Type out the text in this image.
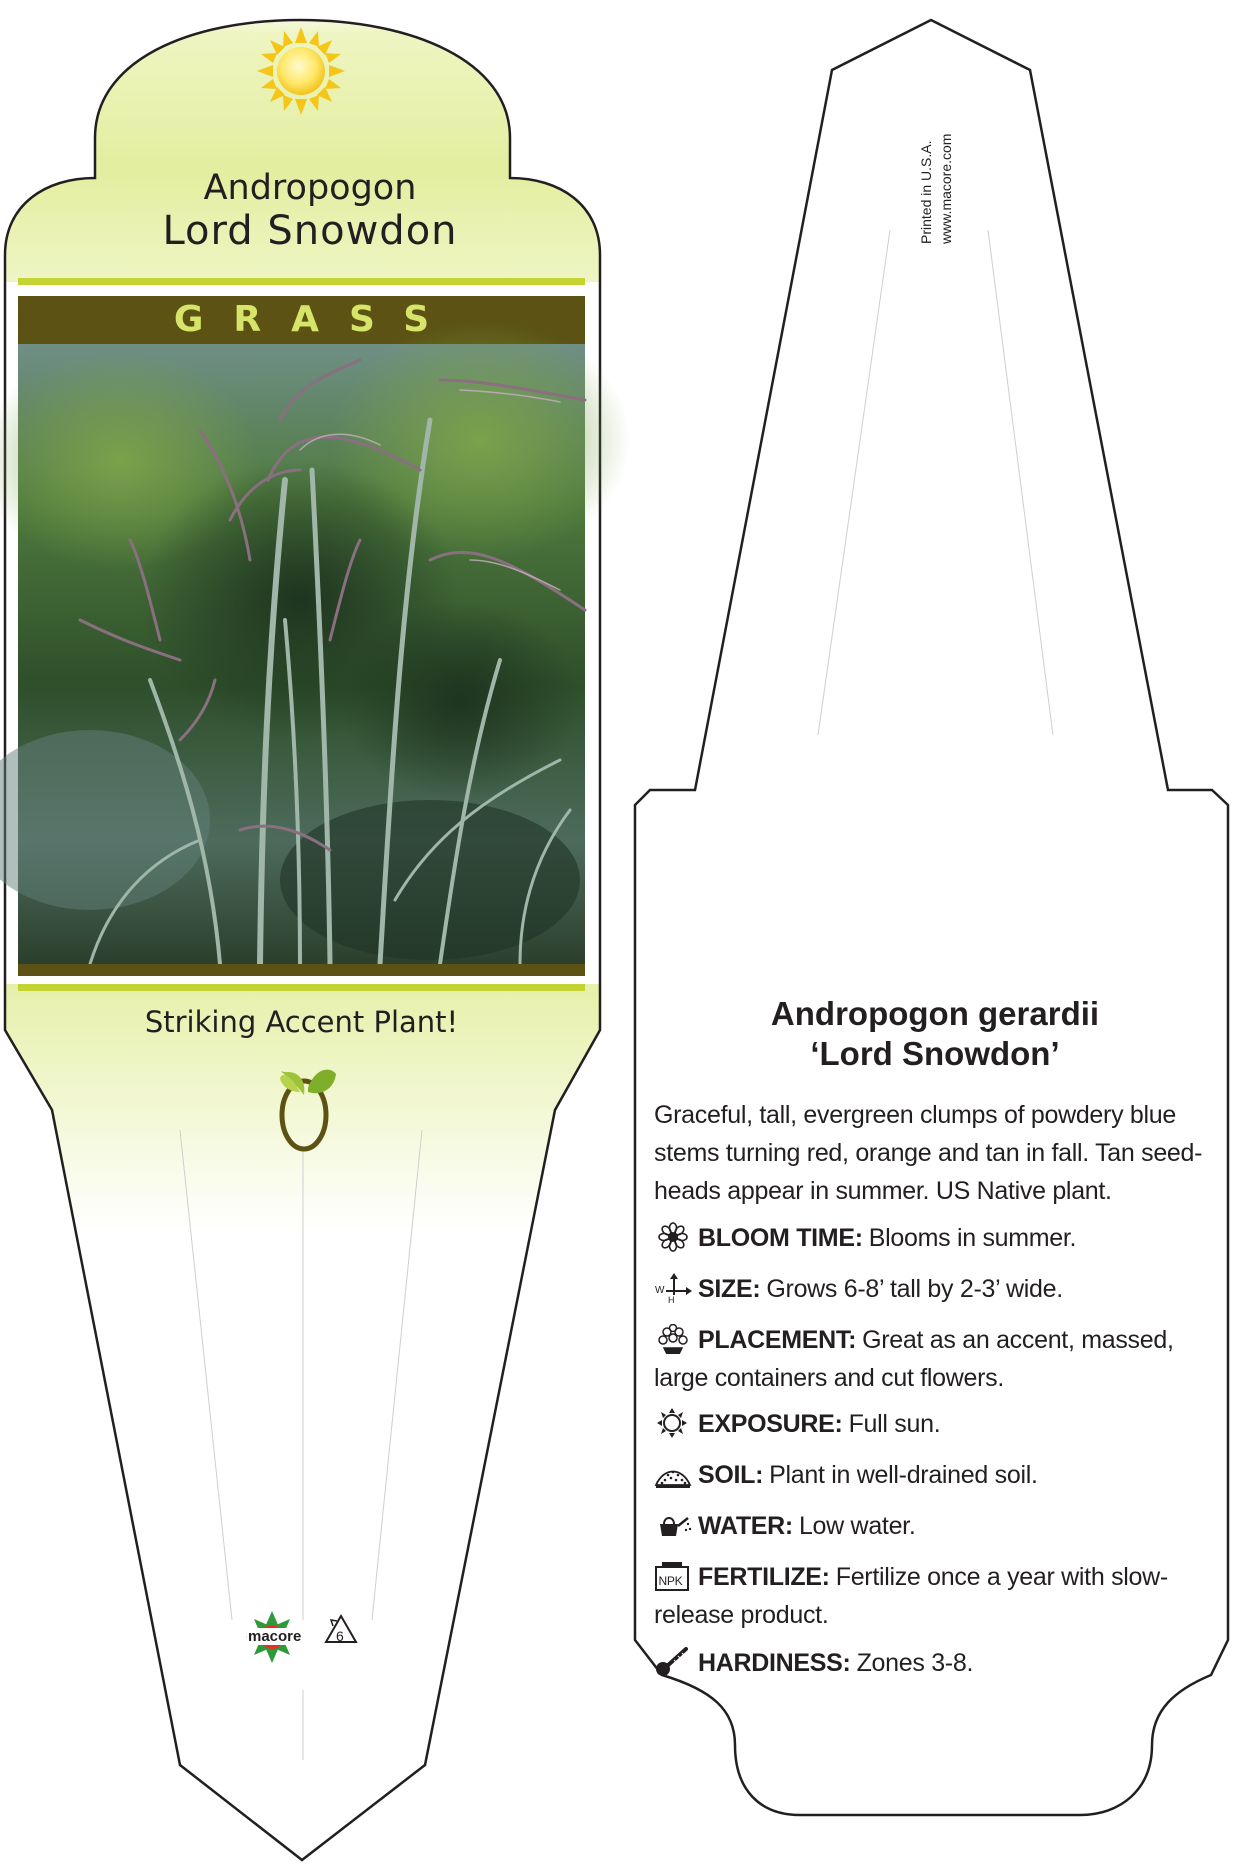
Andropogon
Lord Snowdon
GRASS
Striking Accent Plant!
macore 6
Printed in U.S.A. www.macore.com
Andropogon gerardii
‘Lord Snowdon’
Graceful, tall, evergreen clumps of powdery blue stems turning red, orange and tan in fall. Tan seed-heads appear in summer. US Native plant.
BLOOM TIME: Blooms in summer.
W
H SIZE: Grows 6-8’ tall by 2-3’ wide.
PLACEMENT: Great as an accent, massed, large containers and cut flowers.
EXPOSURE: Full sun.
SOIL: Plant in well-drained soil.
WATER: Low water.
NPK FERTILIZE: Fertilize once a year with slow-release product.
HARDINESS: Zones 3-8.
